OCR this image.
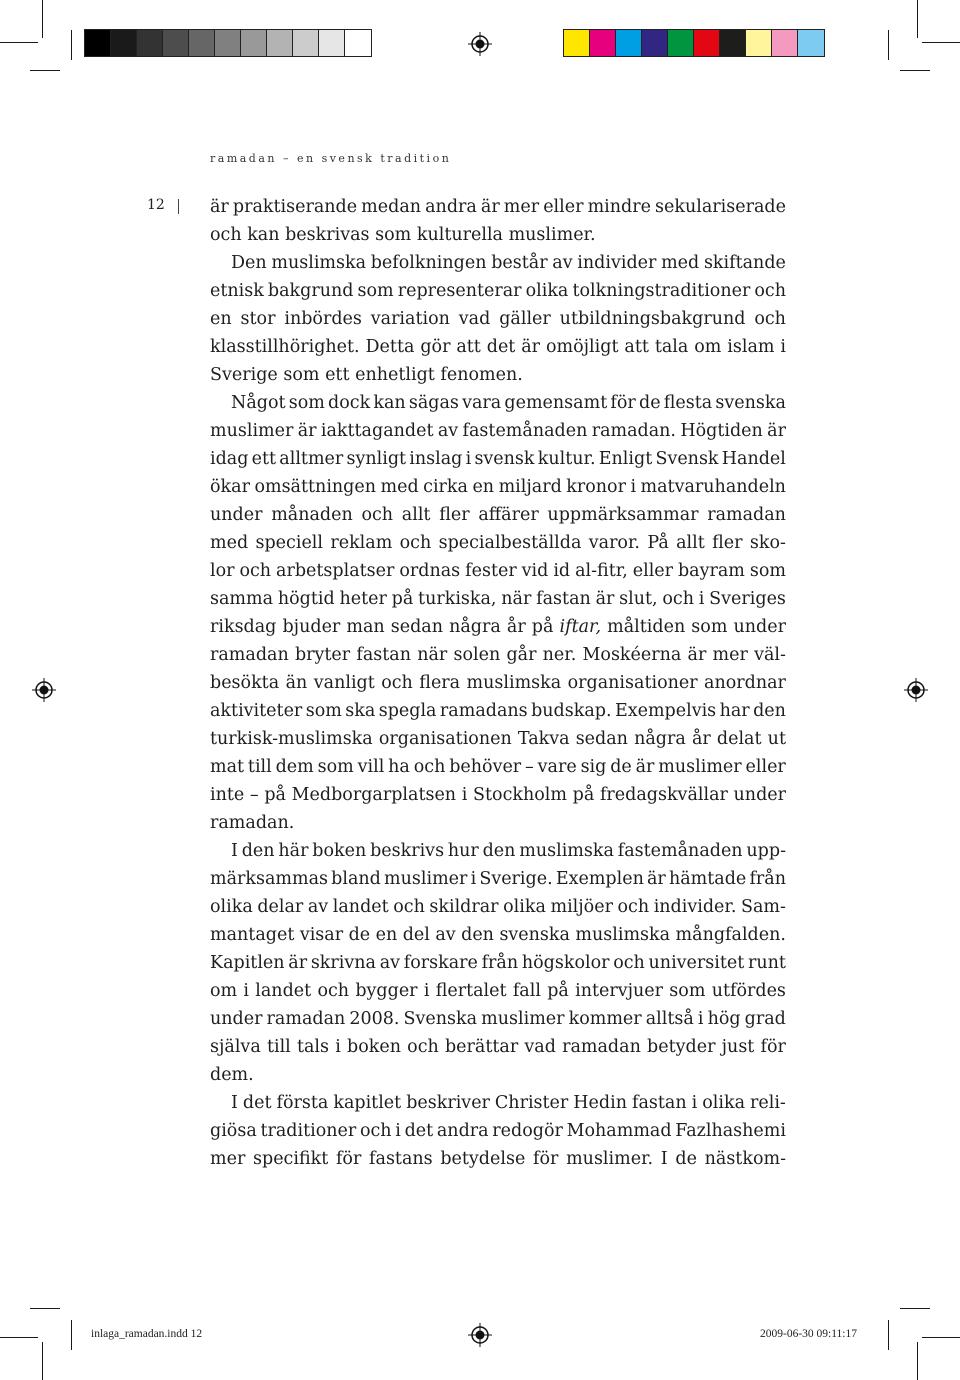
ramadan – en svensk tradition
12	är praktiserande medan andra är mer eller mindre sekulariserade
och kan beskrivas som kulturella muslimer.
Den muslimska befolkningen består av individer med skiftande
etnisk bakgrund som representerar olika tolkningstraditioner och
en stor inbördes variation vad gäller utbildningsbakgrund och
klasstillhörighet. Detta gör att det är omöjligt att tala om islam i
Sverige som ett enhetligt fenomen.
Något som dock kan sägas vara gemensamt för de flesta svenska
muslimer är iakttagandet av fastemånaden ramadan. Högtiden är
idag ett alltmer synligt inslag i svensk kultur. Enligt Svensk Handel
ökar omsättningen med cirka en miljard kronor i matvaruhandeln
under månaden och allt fler affärer uppmärksammar ramadan
med speciell reklam och specialbeställda varor. På allt fler sko-
lor och arbetsplatser ordnas fester vid id al-fitr, eller bayram som
samma högtid heter på turkiska, när fastan är slut, och i Sveriges
riksdag bjuder man sedan några år på iftar, måltiden som under
ramadan bryter fastan när solen går ner. Moskéerna är mer väl-
besökta än vanligt och flera muslimska organisationer anordnar
aktiviteter som ska spegla ramadans budskap. Exempelvis har den
turkisk-muslimska organisationen Takva sedan några år delat ut
mat till dem som vill ha och behöver – vare sig de är muslimer eller
inte – på Medborgarplatsen i Stockholm på fredagskvällar under
ramadan.
I den här boken beskrivs hur den muslimska fastemånaden upp-
märksammas bland muslimer i Sverige. Exemplen är hämtade från
olika delar av landet och skildrar olika miljöer och individer. Sam-
mantaget visar de en del av den svenska muslimska mångfalden.
Kapitlen är skrivna av forskare från högskolor och universitet runt
om i landet och bygger i flertalet fall på intervjuer som utfördes
under ramadan 2008. Svenska muslimer kommer alltså i hög grad
själva till tals i boken och berättar vad ramadan betyder just för
dem.
I det första kapitlet beskriver Christer Hedin fastan i olika reli-
giösa traditioner och i det andra redogör Mohammad Fazlhashemi
mer specifikt för fastans betydelse för muslimer. I de nästkom-
inlaga_ramadan.indd 12	2009-06-30 09:11:17
